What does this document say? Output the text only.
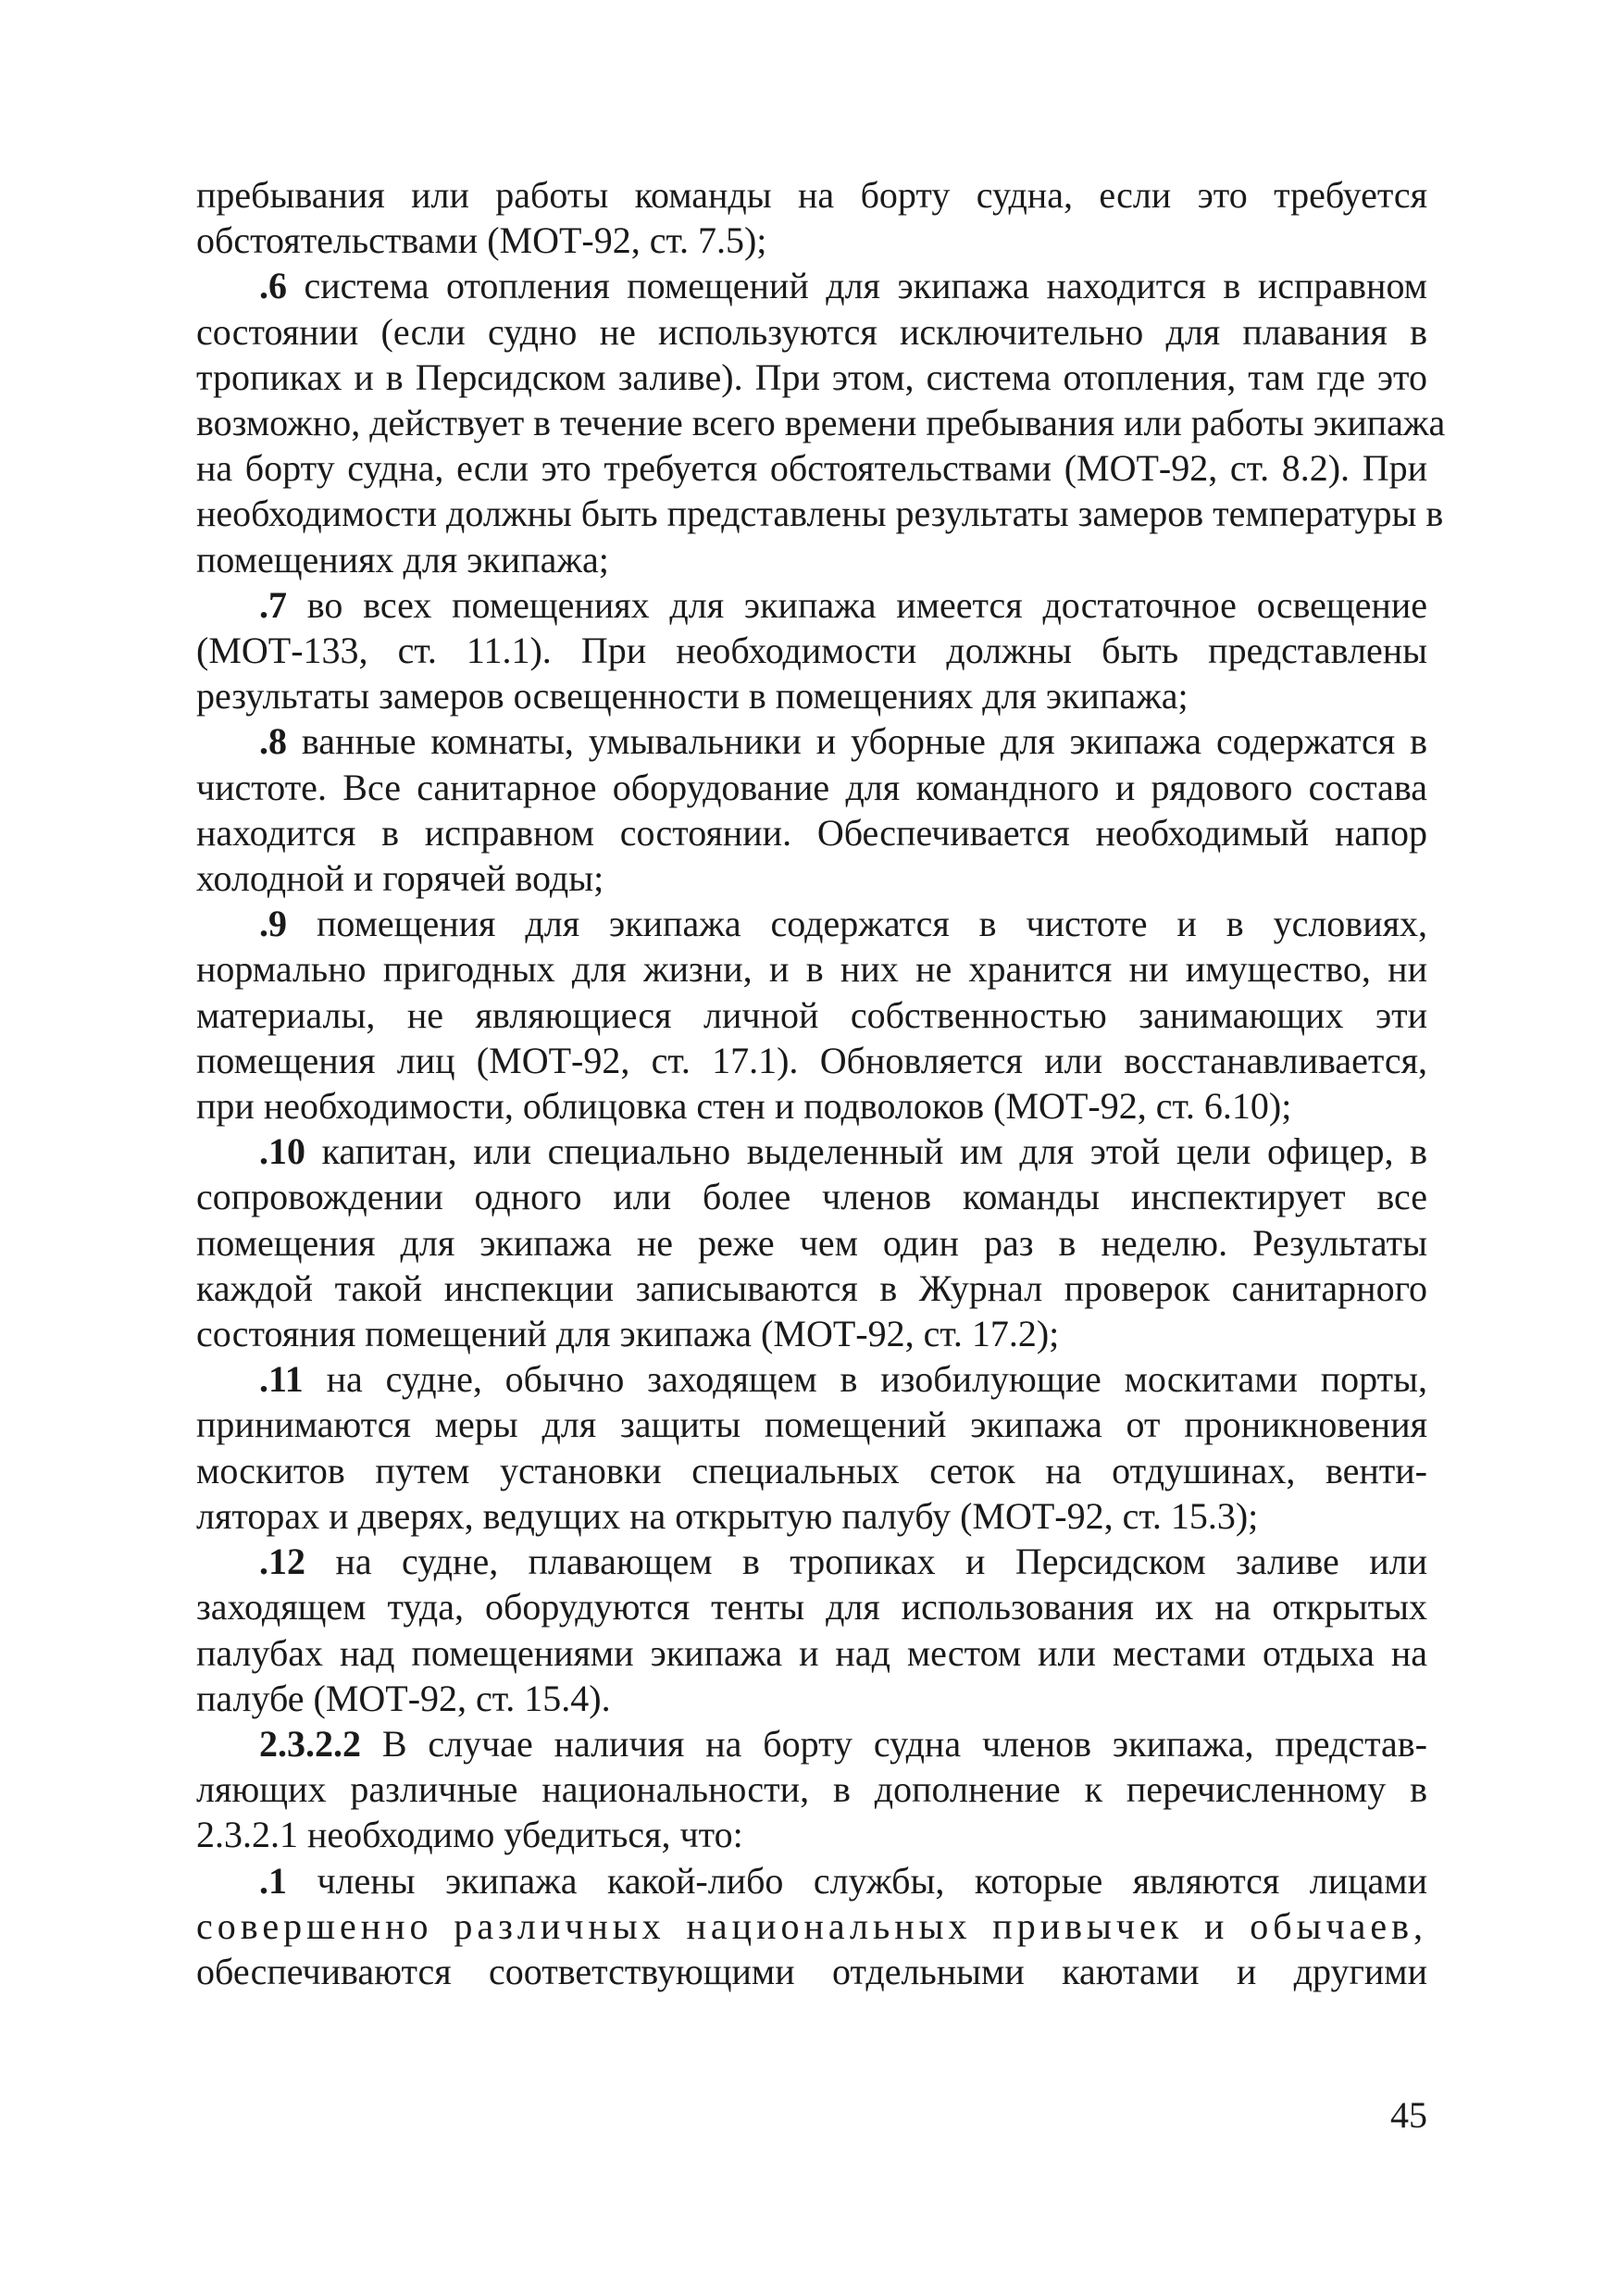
пребывания или работы команды на борту судна, если это требуется
обстоятельствами (МОТ-92, ст. 7.5);
.6 система отопления помещений для экипажа находится в исправном
состоянии (если судно не используются исключительно для плавания в
тропиках и в Персидском заливе). При этом, система отопления, там где это
возможно, действует в течение всего времени пребывания или работы экипажа
на борту судна, если это требуется обстоятельствами (МОТ-92, ст. 8.2). При
необходимости должны быть представлены результаты замеров температуры в
помещениях для экипажа;
.7 во всех помещениях для экипажа имеется достаточное освещение
(МОТ-133, ст. 11.1). При необходимости должны быть представлены
результаты замеров освещенности в помещениях для экипажа;
.8 ванные комнаты, умывальники и уборные для экипажа содержатся в
чистоте. Все санитарное оборудование для командного и рядового состава
находится в исправном состоянии. Обеспечивается необходимый напор
холодной и горячей воды;
.9 помещения для экипажа содержатся в чистоте и в условиях,
нормально пригодных для жизни, и в них не хранится ни имущество, ни
материалы, не являющиеся личной собственностью занимающих эти
помещения лиц (МОТ-92, ст. 17.1). Обновляется или восстанавливается,
при необходимости, облицовка стен и подволоков (МОТ-92, ст. 6.10);
.10 капитан, или специально выделенный им для этой цели офицер, в
сопровождении одного или более членов команды инспектирует все
помещения для экипажа не реже чем один раз в неделю. Результаты
каждой такой инспекции записываются в Журнал проверок санитарного
состояния помещений для экипажа (МОТ-92, ст. 17.2);
.11 на судне, обычно заходящем в изобилующие москитами порты,
принимаются меры для защиты помещений экипажа от проникновения
москитов путем установки специальных сеток на отдушинах, венти-
ляторах и дверях, ведущих на открытую палубу (МОТ-92, ст. 15.3);
.12 на судне, плавающем в тропиках и Персидском заливе или
заходящем туда, оборудуются тенты для использования их на открытых
палубах над помещениями экипажа и над местом или местами отдыха на
палубе (МОТ-92, ст. 15.4).
2.3.2.2 В случае наличия на борту судна членов экипажа, представ-
ляющих различные национальности, в дополнение к перечисленному в
2.3.2.1 необходимо убедиться, что:
.1 члены экипажа какой-либо службы, которые являются лицами
совершенно различных национальных привычек и обычаев,
обеспечиваются соответствующими отдельными каютами и другими
45
